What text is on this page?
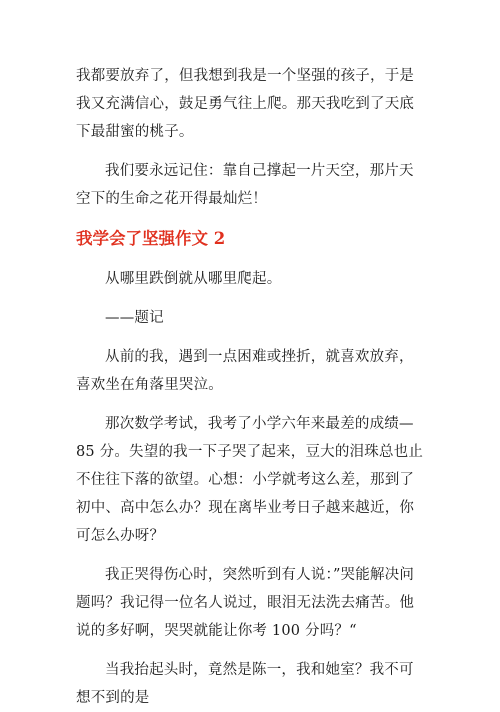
我都要放弃了，但我想到我是一个坚强的孩子，于是我又充满信心，鼓足勇气往上爬。那天我吃到了天底下最甜蜜的桃子。

我们要永远记住：靠自己撑起一片天空，那片天空下的生命之花开得最灿烂！

我学会了坚强作文 2

从哪里跌倒就从哪里爬起。

——题记

从前的我，遇到一点困难或挫折，就喜欢放弃，喜欢坐在角落里哭泣。

那次数学考试，我考了小学六年来最差的成绩—85 分。失望的我一下子哭了起来，豆大的泪珠总也止不住往下落的欲望。心想：小学就考这么差，那到了初中、高中怎么办？现在离毕业考日子越来越近，你可怎么办呀？

我正哭得伤心时，突然听到有人说：”哭能解决问题吗？我记得一位名人说过，眼泪无法洗去痛苦。他说的多好啊，哭哭就能让你考 100 分吗？“

当我抬起头时，竟然是陈一，我和她室？我不可想不到的是
